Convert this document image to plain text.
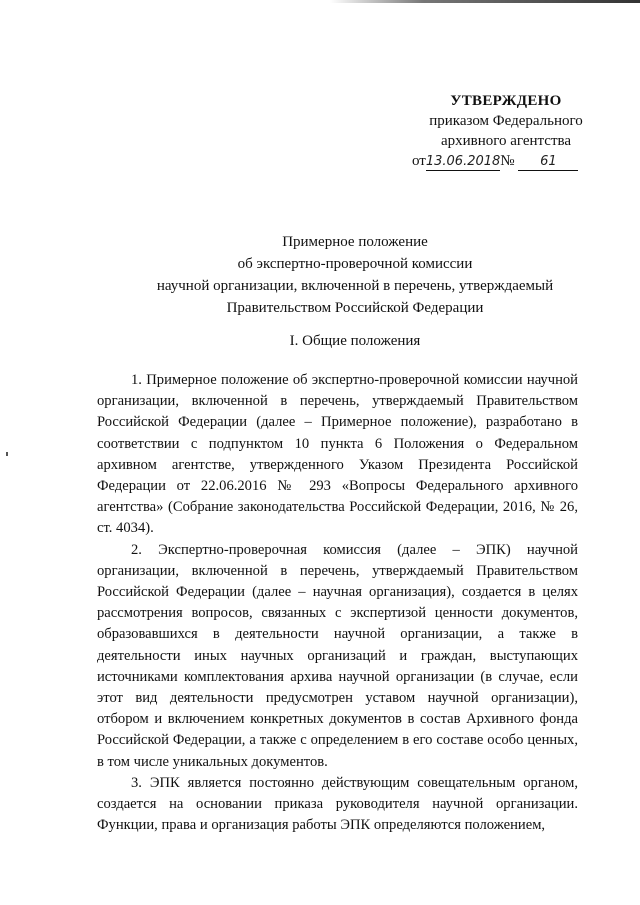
УТВЕРЖДЕНО
приказом Федерального
архивного агентства
от13.06.2018№ 61
Примерное положение
об экспертно-проверочной комиссии
научной организации, включенной в перечень, утверждаемый
Правительством Российской Федерации
I. Общие положения

1. Примерное положение об экспертно-проверочной комиссии научной организации, включенной в перечень, утверждаемый Правительством Российской Федерации (далее – Примерное положение), разработано в соответствии с подпунктом 10 пункта 6 Положения о Федеральном архивном агентстве, утвержденного Указом Президента Российской Федерации от 22.06.2016 № 293 «Вопросы Федерального архивного агентства» (Собрание законодательства Российской Федерации, 2016, № 26, ст. 4034).

2. Экспертно-проверочная комиссия (далее – ЭПК) научной организации, включенной в перечень, утверждаемый Правительством Российской Федерации (далее – научная организация), создается в целях рассмотрения вопросов, связанных с экспертизой ценности документов, образовавшихся в деятельности научной организации, а также в деятельности иных научных организаций и граждан, выступающих источниками комплектования архива научной организации (в случае, если этот вид деятельности предусмотрен уставом научной организации), отбором и включением конкретных документов в состав Архивного фонда Российской Федерации, а также с определением в его составе особо ценных, в том числе уникальных документов.

3. ЭПК является постоянно действующим совещательным органом, создается на основании приказа руководителя научной организации. Функции, права и организация работы ЭПК определяются положением,
